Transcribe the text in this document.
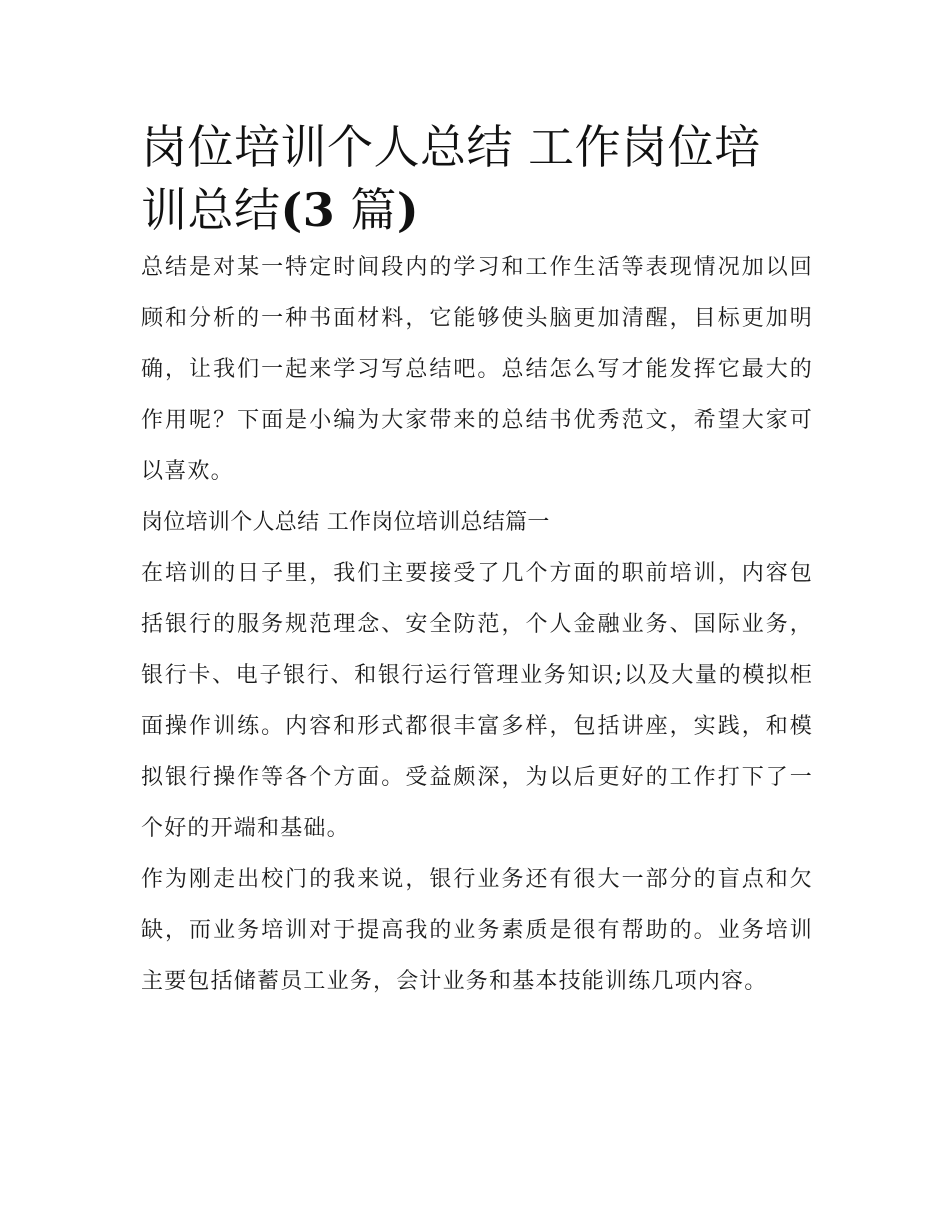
岗位培训个人总结 工作岗位培
训总结(3 篇)

总结是对某一特定时间段内的学习和工作生活等表现情况加以回顾和分析的一种书面材料，它能够使头脑更加清醒，目标更加明确，让我们一起来学习写总结吧。总结怎么写才能发挥它最大的作用呢？下面是小编为大家带来的总结书优秀范文，希望大家可以喜欢。

岗位培训个人总结 工作岗位培训总结篇一

在培训的日子里，我们主要接受了几个方面的职前培训，内容包括银行的服务规范理念、安全防范，个人金融业务、国际业务，银行卡、电子银行、和银行运行管理业务知识;以及大量的模拟柜面操作训练。内容和形式都很丰富多样，包括讲座，实践，和模拟银行操作等各个方面。受益颇深，为以后更好的工作打下了一个好的开端和基础。

作为刚走出校门的我来说，银行业务还有很大一部分的盲点和欠缺，而业务培训对于提高我的业务素质是很有帮助的。业务培训主要包括储蓄员工业务，会计业务和基本技能训练几项内容。
